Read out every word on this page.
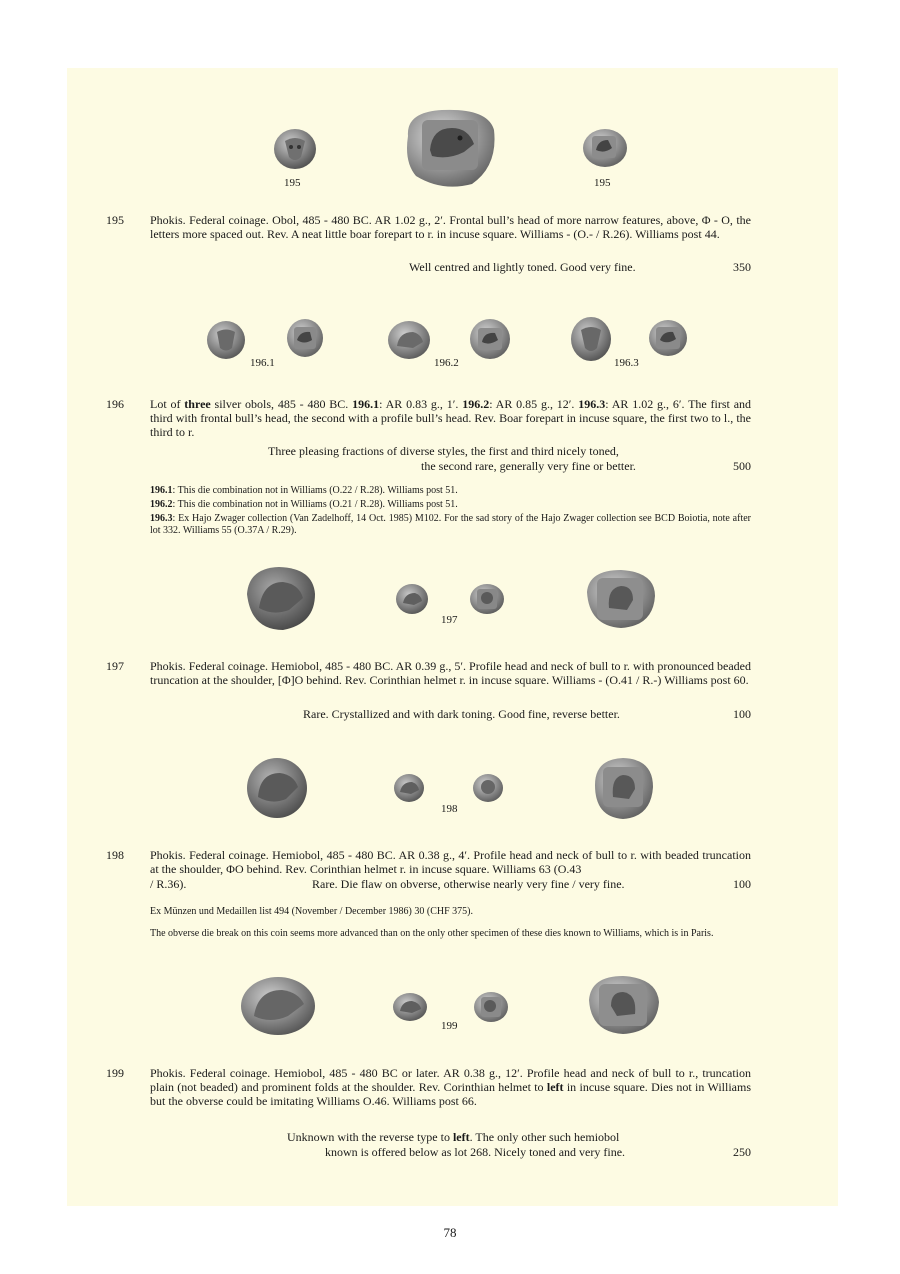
195	195
195 Phokis. Federal coinage. Obol, 485 - 480 BC. AR 1.02 g., 2′. Frontal bull’s head of more narrow features, above, Φ - O, the letters more spaced out. Rev. A neat little boar forepart to r. in incuse square. Williams - (O.- / R.26). Williams post 44.
Well centred and lightly toned. Good very fine.	350
196.1	196.2	196.3
196 Lot of three silver obols, 485 - 480 BC. 196.1: AR 0.83 g., 1′. 196.2: AR 0.85 g., 12′. 196.3: AR 1.02 g., 6′. The first and third with frontal bull’s head, the second with a profile bull’s head. Rev. Boar forepart in incuse square, the first two to l., the third to r.
Three pleasing fractions of diverse styles, the first and third nicely toned,
the second rare, generally very fine or better.	500
196.1: This die combination not in Williams (O.22 / R.28). Williams post 51.
196.2: This die combination not in Williams (O.21 / R.28). Williams post 51.
196.3: Ex Hajo Zwager collection (Van Zadelhoff, 14 Oct. 1985) M102. For the sad story of the Hajo Zwager collection see BCD Boiotia, note after lot 332. Williams 55 (O.37A / R.29).
197
197 Phokis. Federal coinage. Hemiobol, 485 - 480 BC. AR 0.39 g., 5′. Profile head and neck of bull to r. with pronounced beaded truncation at the shoulder, [Φ]O behind. Rev. Corinthian helmet r. in incuse square. Williams - (O.41 / R.-) Williams post 60.
Rare. Crystallized and with dark toning. Good fine, reverse better.	100
198
198 Phokis. Federal coinage. Hemiobol, 485 - 480 BC. AR 0.38 g., 4′. Profile head and neck of bull to r. with beaded truncation at the shoulder, ΦO behind. Rev. Corinthian helmet r. in incuse square. Williams 63 (O.43
/ R.36).	Rare. Die flaw on obverse, otherwise nearly very fine / very fine.	100
Ex Münzen und Medaillen list 494 (November / December 1986) 30 (CHF 375).
The obverse die break on this coin seems more advanced than on the only other specimen of these dies known to Williams, which is in Paris.
199
199 Phokis. Federal coinage. Hemiobol, 485 - 480 BC or later. AR 0.38 g., 12′. Profile head and neck of bull to r., truncation plain (not beaded) and prominent folds at the shoulder. Rev. Corinthian helmet to left in incuse square. Dies not in Williams but the obverse could be imitating Williams O.46. Williams post 66.
Unknown with the reverse type to left. The only other such hemiobol
known is offered below as lot 268. Nicely toned and very fine.	250
78
